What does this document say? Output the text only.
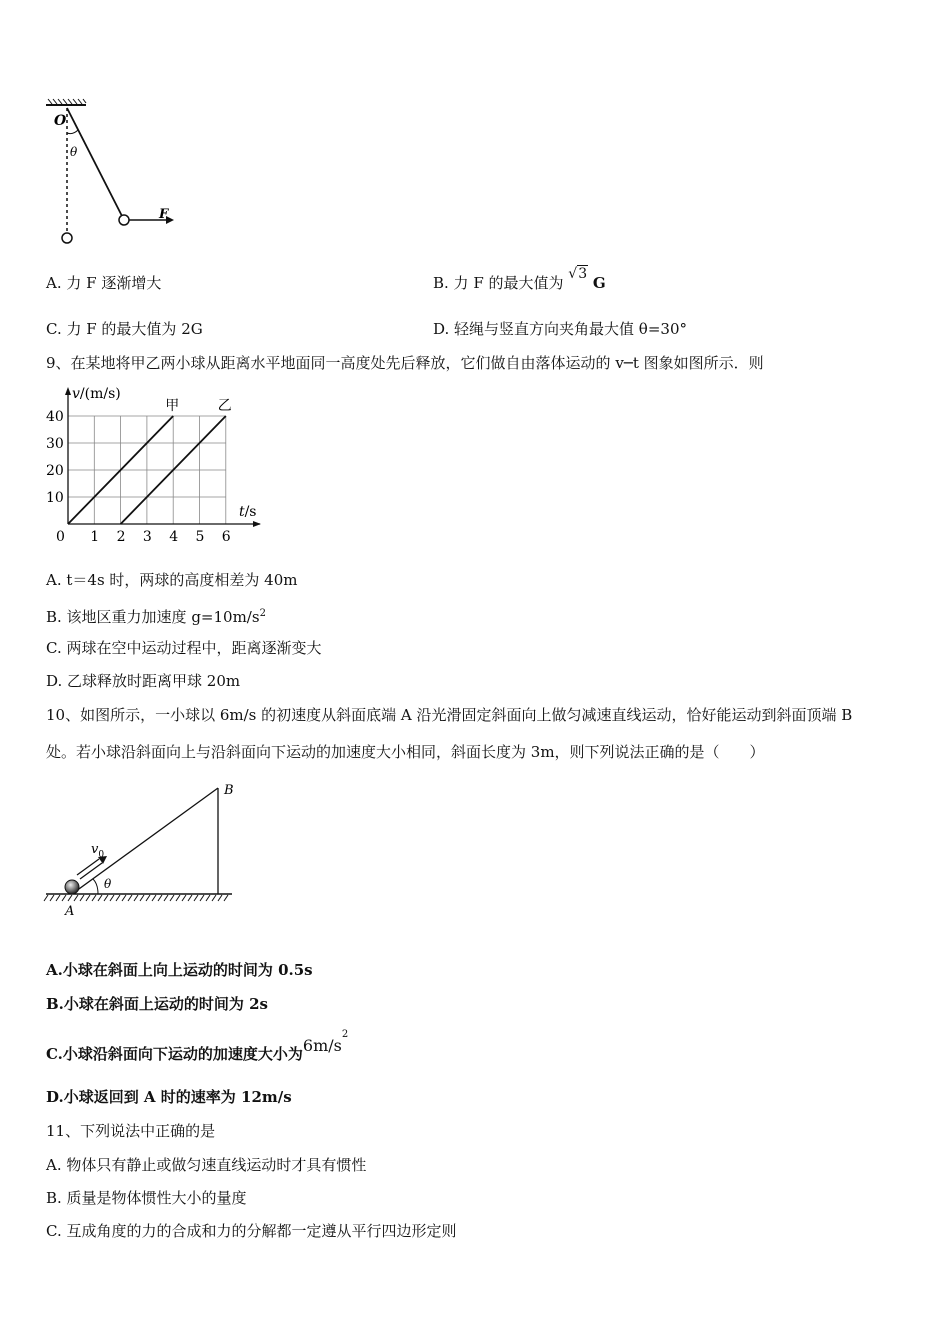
O
θ
F
A. 力 F 逐渐增大	B. 力 F 的最大值为 √3 G
C. 力 F 的最大值为 2G	D. 轻绳与竖直方向夹角最大值 θ=30°
9、在某地将甲乙两小球从距离水平地面同一高度处先后释放，它们做自由落体运动的 v─t 图象如图所示．则
甲	乙
0 1 2 3 4 5 6
10
20
30
40
v/(m/s)
t/s
A. t＝4s 时，两球的高度相差为 40m
B. 该地区重力加速度 $g=10m/s^2$
C. 两球在空中运动过程中，距离逐渐变大
D. 乙球释放时距离甲球 20m
10、如图所示，一小球以 6m/s 的初速度从斜面底端 A 沿光滑固定斜面向上做匀减速直线运动，恰好能运动到斜面顶端 B
处。若小球沿斜面向上与沿斜面向下运动的加速度大小相同，斜面长度为 3m，则下列说法正确的是（　　）
$v_0$
θ
A
B
A.小球在斜面上向上运动的时间为 0.5s
B.小球在斜面上运动的时间为 2s
C.小球沿斜面向下运动的加速度大小为$6m/s^2$
D.小球返回到 A 时的速率为 12m/s
11、下列说法中正确的是
A. 物体只有静止或做匀速直线运动时才具有惯性
B. 质量是物体惯性大小的量度
C. 互成角度的力的合成和力的分解都一定遵从平行四边形定则
